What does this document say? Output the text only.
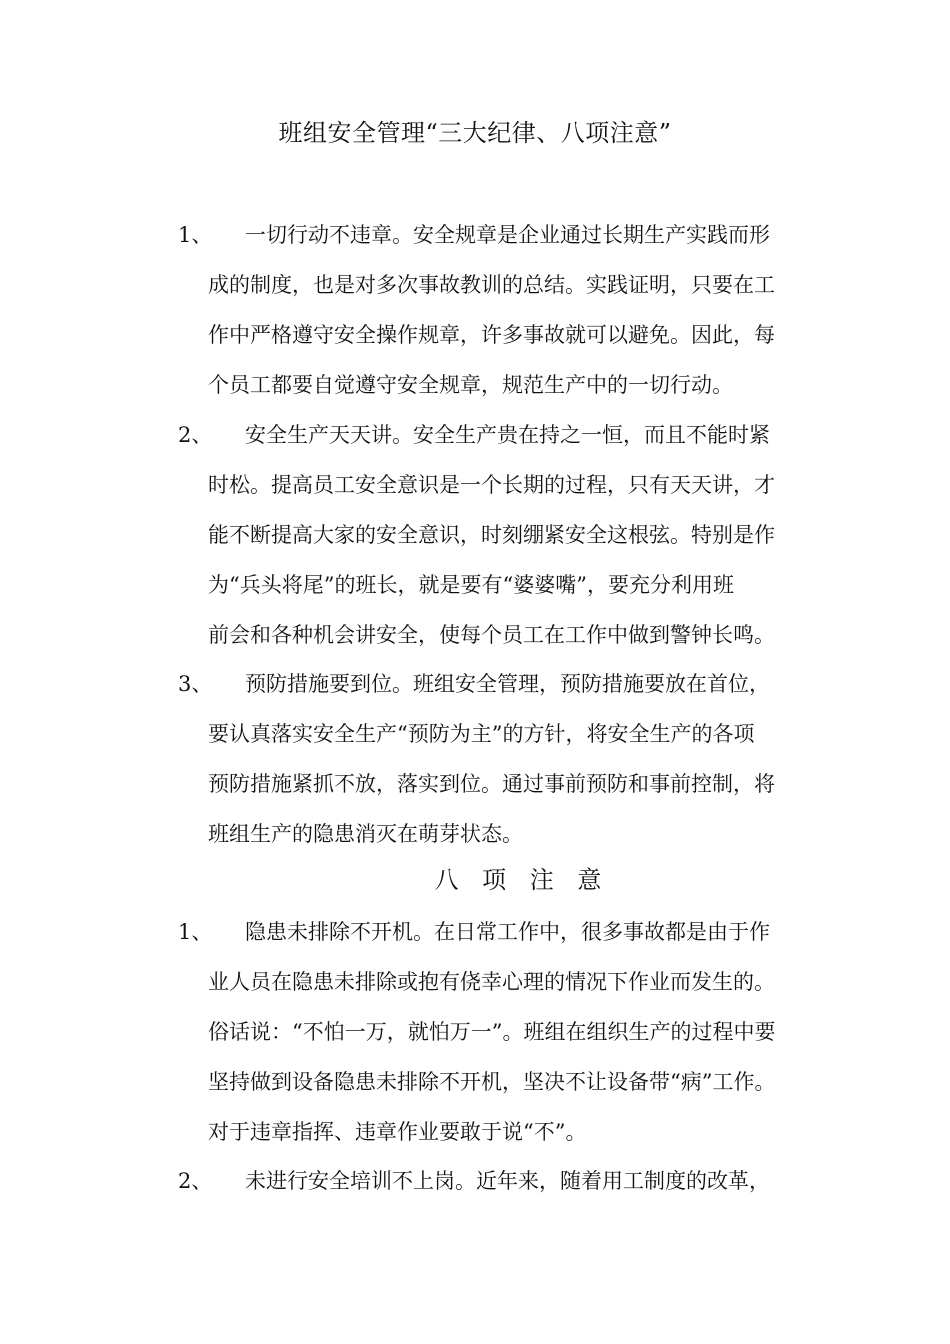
班组安全管理“三大纪律、八项注意”
1、 一切行动不违章。安全规章是企业通过长期生产实践而形
成的制度，也是对多次事故教训的总结。实践证明，只要在工
作中严格遵守安全操作规章，许多事故就可以避免。因此，每
个员工都要自觉遵守安全规章，规范生产中的一切行动。
2、 安全生产天天讲。安全生产贵在持之一恒，而且不能时紧
时松。提高员工安全意识是一个长期的过程，只有天天讲，才
能不断提高大家的安全意识，时刻绷紧安全这根弦。特别是作
为“兵头将尾”的班长，就是要有“婆婆嘴”，要充分利用班
前会和各种机会讲安全，使每个员工在工作中做到警钟长鸣。
3、 预防措施要到位。班组安全管理，预防措施要放在首位，
要认真落实安全生产“预防为主”的方针，将安全生产的各项
预防措施紧抓不放，落实到位。通过事前预防和事前控制，将
班组生产的隐患消灭在萌芽状态。
八 项 注 意
1、 隐患未排除不开机。在日常工作中，很多事故都是由于作
业人员在隐患未排除或抱有侥幸心理的情况下作业而发生的。
俗话说：“不怕一万，就怕万一”。班组在组织生产的过程中要
坚持做到设备隐患未排除不开机，坚决不让设备带“病”工作。
对于违章指挥、违章作业要敢于说“不”。
2、 未进行安全培训不上岗。近年来，随着用工制度的改革，
